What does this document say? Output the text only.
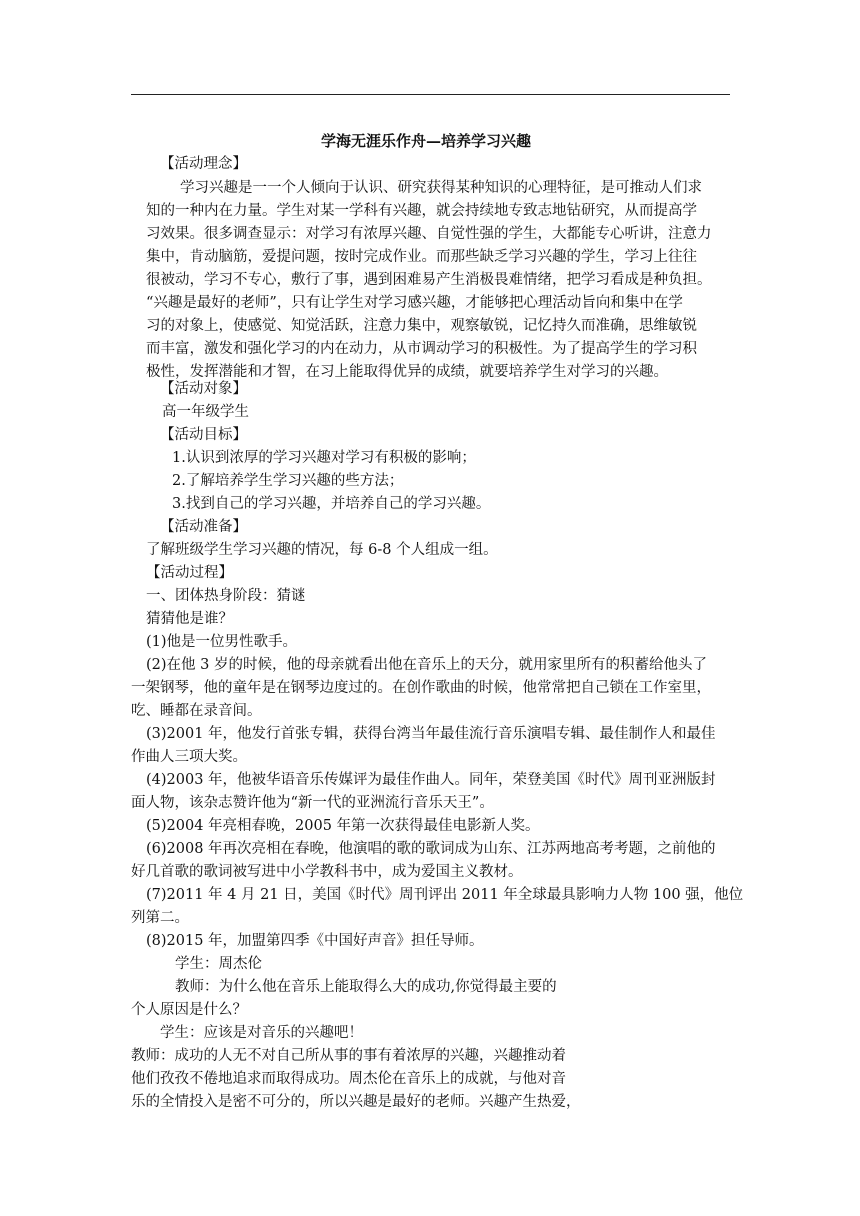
学海无涯乐作舟—培养学习兴趣
【活动理念】
学习兴趣是一一个人倾向于认识、研究获得某种知识的心理特征，是可推动人们求
知的一种内在力量。学生对某一学科有兴趣，就会持续地专致志地钻研究，从而提高学
习效果。很多调查显示：对学习有浓厚兴趣、自觉性强的学生，大都能专心听讲，注意力
集中，肯动脑筋，爱提问题，按时完成作业。而那些缺乏学习兴趣的学生，学习上往往
很被动，学习不专心，敷行了事，遇到困难易产生消极畏难情绪，把学习看成是种负担。
“兴趣是最好的老师”，只有让学生对学习感兴趣，才能够把心理活动旨向和集中在学
习的对象上，使感觉、知觉活跃，注意力集中，观察敏锐，记忆持久而准确，思维敏锐
而丰富，激发和强化学习的内在动力，从市调动学习的积极性。为了提高学生的学习积
极性，发挥潜能和才智，在习上能取得优异的成绩，就要培养学生对学习的兴趣。
【活动对象】
高一年级学生
【活动目标】
1.认识到浓厚的学习兴趣对学习有积极的影响；
2.了解培养学生学习兴趣的些方法；
3.找到自己的学习兴趣，并培养自己的学习兴趣。
【活动准备】
了解班级学生学习兴趣的情况，每 6-8 个人组成一组。
【活动过程】
一、团体热身阶段：猜谜
猜猜他是谁？
(1)他是一位男性歌手。
(2)在他 3 岁的时候，他的母亲就看出他在音乐上的天分，就用家里所有的积蓄给他头了
一架钢琴，他的童年是在钢琴边度过的。在创作歌曲的时候，他常常把自己锁在工作室里，
吃、睡都在录音间。
(3)2001 年，他发行首张专辑，获得台湾当年最佳流行音乐演唱专辑、最佳制作人和最佳
作曲人三项大奖。
(4)2003 年，他被华语音乐传媒评为最佳作曲人。同年，荣登美国《时代》周刊亚洲版封
面人物，该杂志赞许他为“新一代的亚洲流行音乐天王”。
(5)2004 年亮相春晚，2005 年第一次获得最佳电影新人奖。
(6)2008 年再次亮相在春晚，他演唱的歌的歌词成为山东、江苏两地高考考题，之前他的
好几首歌的歌词被写进中小学教科书中，成为爱国主义教材。
(7)2011 年 4 月 21 日，美国《时代》周刊评出 2011 年全球最具影响力人物 100 强，他位
列第二。
(8)2015 年，加盟第四季《中国好声音》担任导师。
学生：周杰伦
教师：为什么他在音乐上能取得么大的成功,你觉得最主要的
个人原因是什么？
学生：应该是对音乐的兴趣吧！
教师：成功的人无不对自己所从事的事有着浓厚的兴趣，兴趣推动着
他们孜孜不倦地追求而取得成功。周杰伦在音乐上的成就，与他对音
乐的全情投入是密不可分的，所以兴趣是最好的老师。兴趣产生热爱，
